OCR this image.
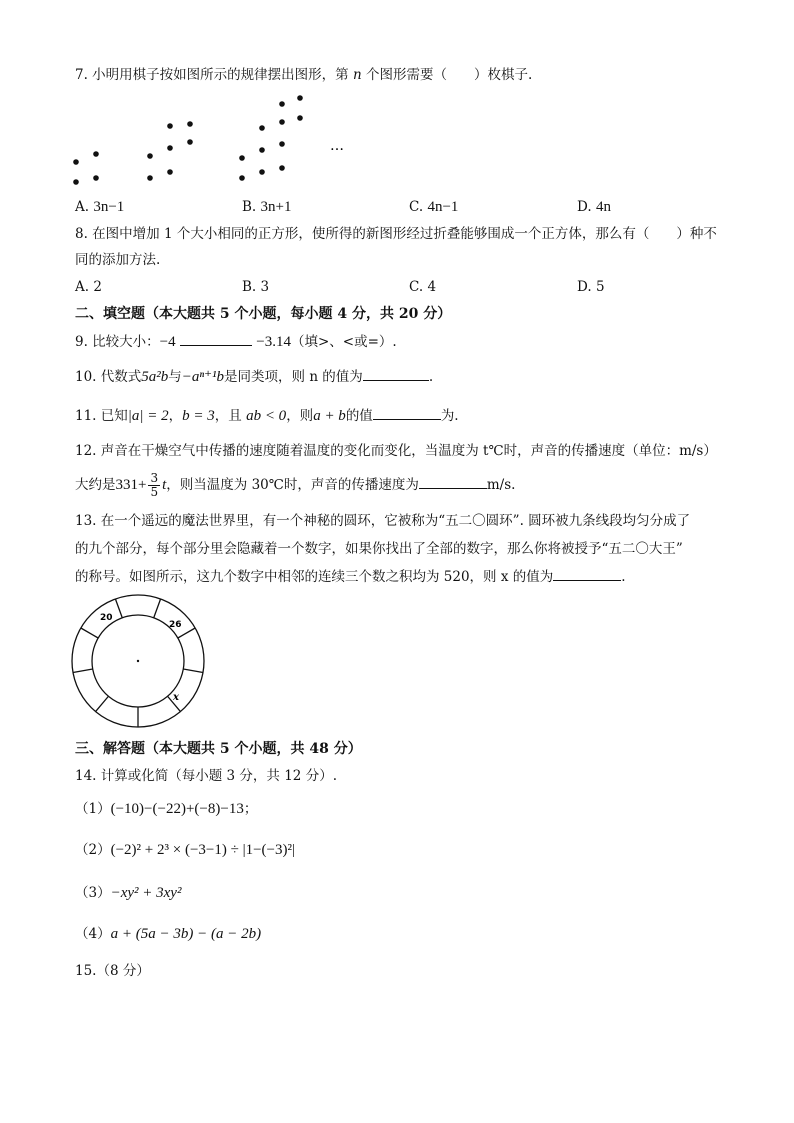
7. 小明用棋子按如图所示的规律摆出图形，第 n 个图形需要（　　）枚棋子.
…
A. 3n−1	B. 3n+1	C. 4n−1	D. 4n
8. 在图中增加 1 个大小相同的正方形，使所得的新图形经过折叠能够围成一个正方体，那么有（　　）种不
同的添加方法.
A. 2	B. 3	C. 4	D. 5
二、填空题（本大题共 5 个小题，每小题 4 分，共 20 分）
9. 比较大小：−4	−3.14（填>、<或=）.
10. 代数式5a²b与−aⁿ⁺¹b是同类项，则 n 的值为	.
11. 已知|a| = 2，b = 3，且 ab < 0，则a + b的值	为.
12. 声音在干燥空气中传播的速度随着温度的变化而变化，当温度为 t℃时，声音的传播速度（单位：m/s）
大约是$331+ \frac{3}{5}$ t，则当温度为 30℃时，声音的传播速度为	m/s.
13. 在一个遥远的魔法世界里，有一个神秘的圆环，它被称为“五二〇圆环”. 圆环被九条线段均匀分成了
的九个部分，每个部分里会隐藏着一个数字，如果你找出了全部的数字，那么你将被授予“五二〇大王”
的称号。如图所示，这九个数字中相邻的连续三个数之积均为 520，则 x 的值为	.
20
26
x
三、解答题（本大题共 5 个小题，共 48 分）
14. 计算或化简（每小题 3 分，共 12 分）.
（1）(−10)−(−22)+(−8)−13；
（2）(−2)² + 2³ × (−3−1) ÷ |1−(−3)²|
（3）−xy² + 3xy²
（4）a + (5a − 3b) − (a − 2b)
15.（8 分）
